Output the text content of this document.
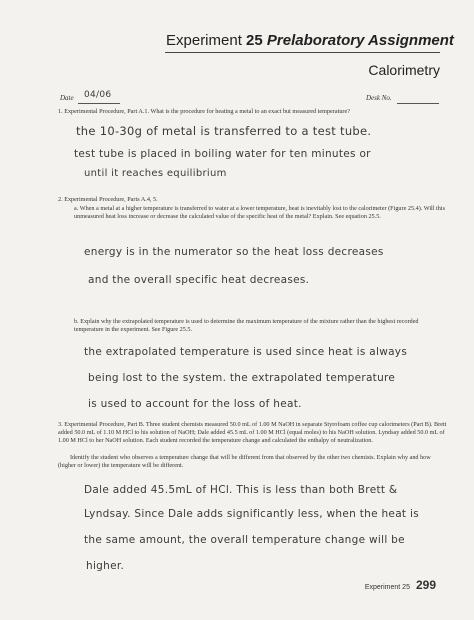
Experiment 25 Prelaboratory Assignment
Calorimetry
Date 04/06	Desk No.
1. Experimental Procedure, Part A.1. What is the procedure for heating a metal to an exact but measured temperature?
the 10-30g of metal is transferred to a test tube.
test tube is placed in boiling water for ten minutes or
until it reaches equilibrium
2. Experimental Procedure, Parts A.4, 5.
a. When a metal at a higher temperature is transferred to water at a lower temperature, heat is inevitably lost to the calorimeter (Figure 25.4). Will this unmeasured heat loss increase or decrease the calculated value of the specific heat of the metal? Explain. See equation 25.5.
energy is in the numerator so the heat loss decreases
and the overall specific heat decreases.
b. Explain why the extrapolated temperature is used to determine the maximum temperature of the mixture rather than the highest recorded temperature in the experiment. See Figure 25.5.
the extrapolated temperature is used since heat is always
being lost to the system. the extrapolated temperature
is used to account for the loss of heat.
3. Experimental Procedure, Part B. Three student chemists measured 50.0 mL of 1.00 M NaOH in separate Styrofoam coffee cup calorimeters (Part B). Brett added 50.0 mL of 1.10 M HCl to his solution of NaOH; Dale added 45.5 mL of 1.00 M HCl (equal moles) to his NaOH solution. Lyndsay added 50.0 mL of 1.00 M HCl to her NaOH solution. Each student recorded the temperature change and calculated the enthalpy of neutralization.
Identify the student who observes a temperature change that will be different from that observed by the other two chemists. Explain why and how (higher or lower) the temperature will be different.
Dale added 45.5mL of HCl. This is less than both Brett &
Lyndsay. Since Dale adds significantly less, when the heat is
the same amount, the overall temperature change will be
higher.
Experiment 25 299
